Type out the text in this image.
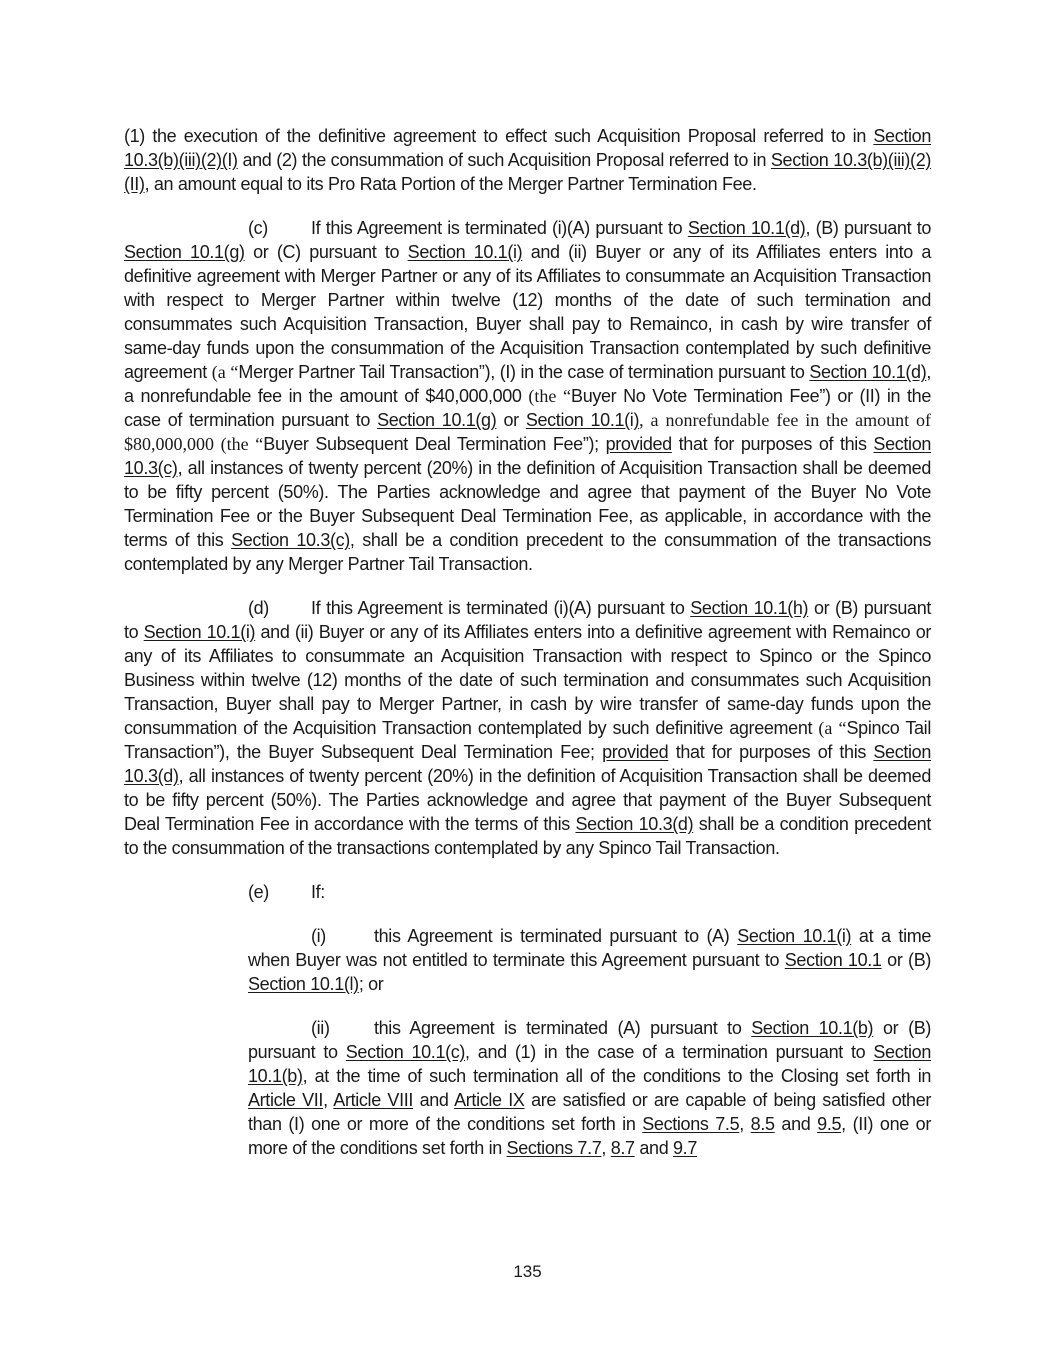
(1) the execution of the definitive agreement to effect such Acquisition Proposal referred to in Section 10.3(b)(iii)(2)(I) and (2) the consummation of such Acquisition Proposal referred to in Section 10.3(b)(iii)(2)(II), an amount equal to its Pro Rata Portion of the Merger Partner Termination Fee.

(c) If this Agreement is terminated (i)(A) pursuant to Section 10.1(d), (B) pursuant to Section 10.1(g) or (C) pursuant to Section 10.1(i) and (ii) Buyer or any of its Affiliates enters into a definitive agreement with Merger Partner or any of its Affiliates to consummate an Acquisition Transaction with respect to Merger Partner within twelve (12) months of the date of such termination and consummates such Acquisition Transaction, Buyer shall pay to Remainco, in cash by wire transfer of same-day funds upon the consummation of the Acquisition Transaction contemplated by such definitive agreement (a “Merger Partner Tail Transaction”), (I) in the case of termination pursuant to Section 10.1(d), a nonrefundable fee in the amount of $40,000,000 (the “Buyer No Vote Termination Fee”) or (II) in the case of termination pursuant to Section 10.1(g) or Section 10.1(i), a nonrefundable fee in the amount of $80,000,000 (the “Buyer Subsequent Deal Termination Fee”); provided that for purposes of this Section 10.3(c), all instances of twenty percent (20%) in the definition of Acquisition Transaction shall be deemed to be fifty percent (50%). The Parties acknowledge and agree that payment of the Buyer No Vote Termination Fee or the Buyer Subsequent Deal Termination Fee, as applicable, in accordance with the terms of this Section 10.3(c), shall be a condition precedent to the consummation of the transactions contemplated by any Merger Partner Tail Transaction.

(d) If this Agreement is terminated (i)(A) pursuant to Section 10.1(h) or (B) pursuant to Section 10.1(i) and (ii) Buyer or any of its Affiliates enters into a definitive agreement with Remainco or any of its Affiliates to consummate an Acquisition Transaction with respect to Spinco or the Spinco Business within twelve (12) months of the date of such termination and consummates such Acquisition Transaction, Buyer shall pay to Merger Partner, in cash by wire transfer of same-day funds upon the consummation of the Acquisition Transaction contemplated by such definitive agreement (a “Spinco Tail Transaction”), the Buyer Subsequent Deal Termination Fee; provided that for purposes of this Section 10.3(d), all instances of twenty percent (20%) in the definition of Acquisition Transaction shall be deemed to be fifty percent (50%). The Parties acknowledge and agree that payment of the Buyer Subsequent Deal Termination Fee in accordance with the terms of this Section 10.3(d) shall be a condition precedent to the consummation of the transactions contemplated by any Spinco Tail Transaction.

(e) If:

(i)	this Agreement is terminated pursuant to (A) Section 10.1(i) at a time when Buyer was not entitled to terminate this Agreement pursuant to Section 10.1 or (B) Section 10.1(l); or

(ii) this Agreement is terminated (A) pursuant to Section 10.1(b) or (B) pursuant to Section 10.1(c), and (1) in the case of a termination pursuant to Section 10.1(b), at the time of such termination all of the conditions to the Closing set forth in Article VII, Article VIII and Article IX are satisfied or are capable of being satisfied other than (I) one or more of the conditions set forth in Sections 7.5, 8.5 and 9.5, (II) one or more of the conditions set forth in Sections 7.7, 8.7 and 9.7

135
